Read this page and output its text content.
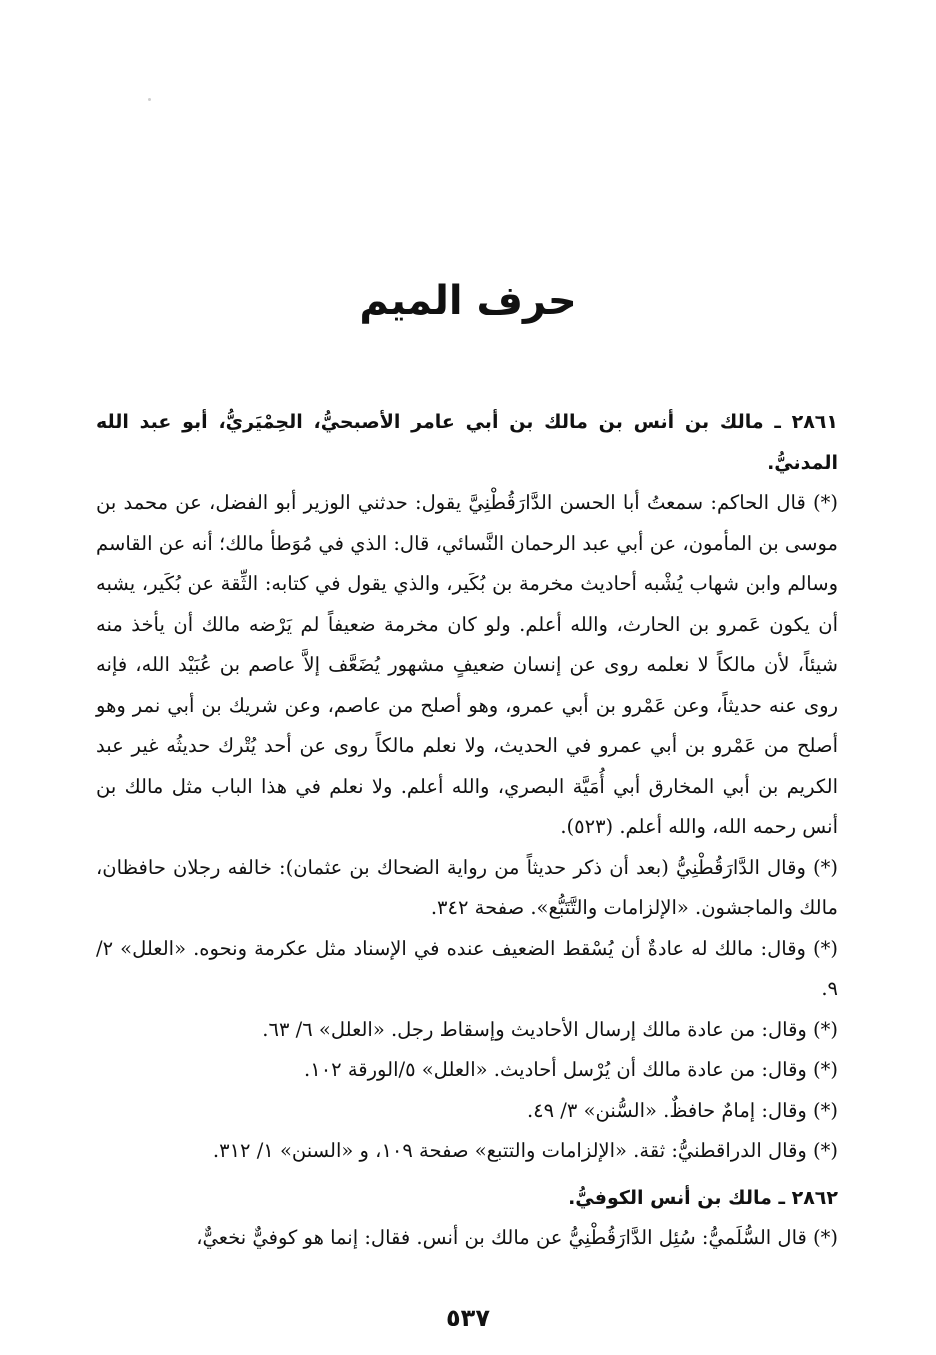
حرف الميم

٢٨٦١ ـ مالك بن أنس بن مالك بن أبي عامر الأصبحيُّ، الحِمْيَريُّ، أبو عبد الله المدنيُّ.

(*) قال الحاكم: سمعتُ أبا الحسن الدَّارَقُطْنِيَّ يقول: حدثني الوزير أبو الفضل، عن محمد بن موسى بن المأمون، عن أبي عبد الرحمان النَّسائي، قال: الذي في مُوَطأ مالك؛ أنه عن القاسم وسالم وابن شهاب يُشْبه أحاديث مخرمة بن بُكَير، والذي يقول في كتابه: الثِّقة عن بُكَير، يشبه أن يكون عَمرو بن الحارث، والله أعلم. ولو كان مخرمة ضعيفاً لم يَرْضه مالك أن يأخذ منه شيئاً، لأن مالكاً لا نعلمه روى عن إنسان ضعيفٍ مشهور يُضَعَّف إلاَّ عاصم بن عُبَيْد الله، فإنه روى عنه حديثاً، وعن عَمْرو بن أبي عمرو، وهو أصلح من عاصم، وعن شريك بن أبي نمر وهو أصلح من عَمْرو بن أبي عمرو في الحديث، ولا نعلم مالكاً روى عن أحد يُتْرك حديثُه غير عبد الكريم بن أبي المخارق أبي أُمَيَّة البصري، والله أعلم. ولا نعلم في هذا الباب مثل مالك بن أنس رحمه الله، والله أعلم. (٥٢٣).

(*) وقال الدَّارَقُطْنِيُّ (بعد أن ذكر حديثاً من رواية الضحاك بن عثمان): خالفه رجلان حافظان، مالك والماجشون. «الإلزامات والتَّتَبُّع». صفحة ٣٤٢.

(*) وقال: مالك له عادةٌ أن يُسْقط الضعيف عنده في الإسناد مثل عكرمة ونحوه. «العلل» ٢/ ٩.

(*) وقال: من عادة مالك إرسال الأحاديث وإسقاط رجل. «العلل» ٦/ ٦٣.

(*) وقال: من عادة مالك أن يُرْسل أحاديث. «العلل» ٥/الورقة ١٠٢.

(*) وقال: إمامٌ حافظٌ. «السُّنن» ٣/ ٤٩.

(*) وقال الدراقطنيُّ: ثقة. «الإلزامات والتتبع» صفحة ١٠٩، و «السنن» ١/ ٣١٢.

٢٨٦٢ ـ مالك بن أنس الكوفيُّ.

(*) قال السُّلَميُّ: سُئِل الدَّارَقُطْنِيُّ عن مالك بن أنس. فقال: إنما هو كوفيٌّ نخعيٌّ،

٥٣٧
